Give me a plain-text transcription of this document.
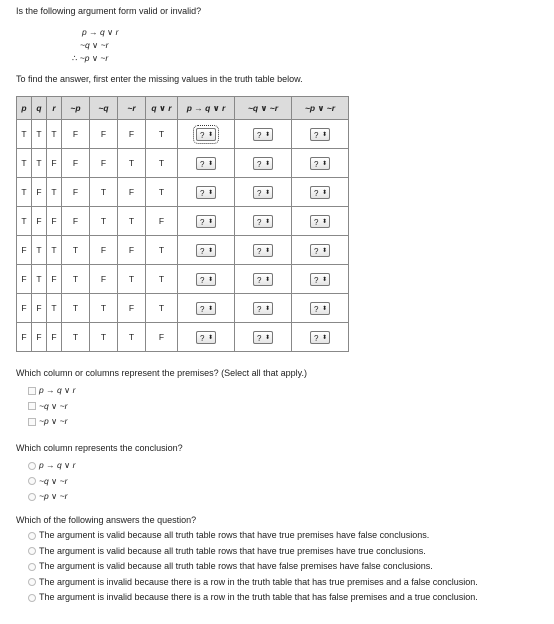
Is the following argument form valid or invalid?
p → q ∨ r
~q ∨ ~r
∴ ~p ∨ ~r
To find the answer, first enter the missing values in the truth table below.
p	q	r	~p	~q	~r	q ∨ r	p → q ∨ r	~q ∨ ~r	~p ∨ ~r
T	T	T	F	F	F	T	? ⬍	? ⬍	? ⬍

T	T	F	F	F	T	T	? ⬍	? ⬍	? ⬍

T	F	T	F	T	F	T	? ⬍	? ⬍	? ⬍

T	F	F	F	T	T	F	? ⬍	? ⬍	? ⬍

F	T	T	T	F	F	T	? ⬍	? ⬍	? ⬍

F	T	F	T	F	T	T	? ⬍	? ⬍	? ⬍

F	F	T	T	T	F	T	? ⬍	? ⬍	? ⬍

F	F	F	T	T	T	F	? ⬍	? ⬍	? ⬍
Which column or columns represent the premises? (Select all that apply.)
p → q ∨ r
~q ∨ ~r
~p ∨ ~r
Which column represents the conclusion?
p → q ∨ r
~q ∨ ~r
~p ∨ ~r
Which of the following answers the question?
The argument is valid because all truth table rows that have true premises have false conclusions.
The argument is valid because all truth table rows that have true premises have true conclusions.
The argument is valid because all truth table rows that have false premises have false conclusions.
The argument is invalid because there is a row in the truth table that has true premises and a false conclusion.
The argument is invalid because there is a row in the truth table that has false premises and a true conclusion.
